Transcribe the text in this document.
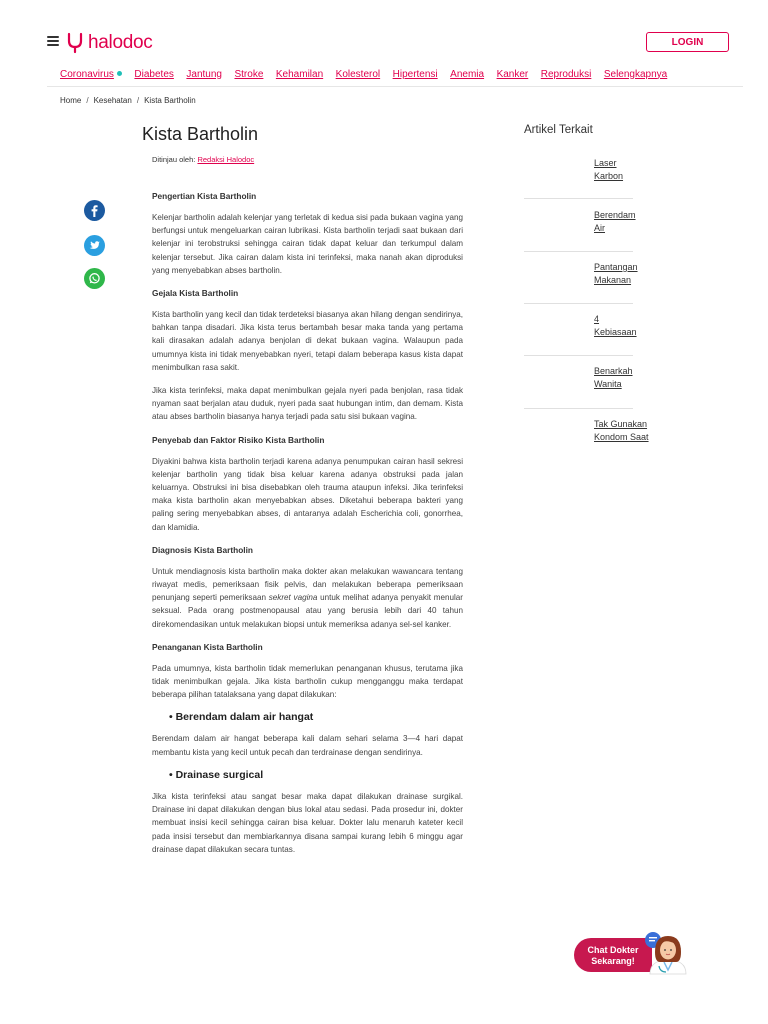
halodoc	LOGIN
Coronavirus	Diabetes Jantung Stroke Kehamilan Kolesterol Hipertensi Anemia Kanker Reproduksi Selengkapnya
Home / Kesehatan / Kista Bartholin
Kista Bartholin
Ditinjau oleh: Redaksi Halodoc
Pengertian Kista Bartholin

Kelenjar bartholin adalah kelenjar yang terletak di kedua sisi pada bukaan vagina yang berfungsi untuk mengeluarkan cairan lubrikasi. Kista bartholin terjadi saat bukaan dari kelenjar ini terobstruksi sehingga cairan tidak dapat keluar dan terkumpul dalam kelenjar tersebut. Jika cairan dalam kista ini terinfeksi, maka nanah akan diproduksi yang menyebabkan abses bartholin.

Gejala Kista Bartholin

Kista bartholin yang kecil dan tidak terdeteksi biasanya akan hilang dengan sendirinya, bahkan tanpa disadari. Jika kista terus bertambah besar maka tanda yang pertama kali dirasakan adalah adanya benjolan di dekat bukaan vagina. Walaupun pada umumnya kista ini tidak menyebabkan nyeri, tetapi dalam beberapa kasus kista dapat menimbulkan rasa sakit.

Jika kista terinfeksi, maka dapat menimbulkan gejala nyeri pada benjolan, rasa tidak nyaman saat berjalan atau duduk, nyeri pada saat hubungan intim, dan demam. Kista atau abses bartholin biasanya hanya terjadi pada satu sisi bukaan vagina.

Penyebab dan Faktor Risiko Kista Bartholin

Diyakini bahwa kista bartholin terjadi karena adanya penumpukan cairan hasil sekresi kelenjar bartholin yang tidak bisa keluar karena adanya obstruksi pada jalan keluarnya. Obstruksi ini bisa disebabkan oleh trauma ataupun infeksi. Jika terinfeksi maka kista bartholin akan menyebabkan abses. Diketahui beberapa bakteri yang paling sering menyebabkan abses, di antaranya adalah Escherichia coli, gonorrhea, dan klamidia.

Diagnosis Kista Bartholin

Untuk mendiagnosis kista bartholin maka dokter akan melakukan wawancara tentang riwayat medis, pemeriksaan fisik pelvis, dan melakukan beberapa pemeriksaan penunjang seperti pemeriksaan sekret vagina untuk melihat adanya penyakit menular seksual. Pada orang postmenopausal atau yang berusia lebih dari 40 tahun direkomendasikan untuk melakukan biopsi untuk memeriksa adanya sel-sel kanker.

Penanganan Kista Bartholin

Pada umumnya, kista bartholin tidak memerlukan penanganan khusus, terutama jika tidak menimbulkan gejala. Jika kista bartholin cukup mengganggu maka terdapat beberapa pilihan tatalaksana yang dapat dilakukan:

• Berendam dalam air hangat

Berendam dalam air hangat beberapa kali dalam sehari selama 3—4 hari dapat membantu kista yang kecil untuk pecah dan terdrainase dengan sendirinya.

• Drainase surgical

Jika kista terinfeksi atau sangat besar maka dapat dilakukan drainase surgikal. Drainase ini dapat dilakukan dengan bius lokal atau sedasi. Pada prosedur ini, dokter membuat insisi kecil sehingga cairan bisa keluar. Dokter lalu menaruh kateter kecil pada insisi tersebut dan membiarkannya disana sampai kurang lebih 6 minggu agar drainase dapat dilakukan secara tuntas.

Artikel Terkait
Laser
Karbon
Berendam
Air
Pantangan
Makanan
4
Kebiasaan
Benarkah
Wanita
Tak Gunakan
Kondom Saat
Chat Dokter
Sekarang!
